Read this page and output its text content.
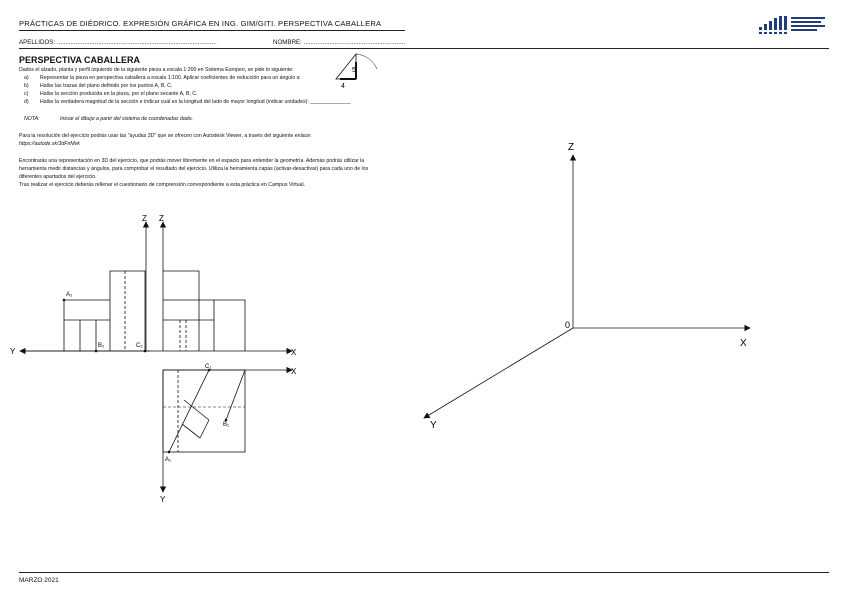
PRÁCTICAS DE DIÉDRICO. EXPRESIÓN GRÁFICA EN ING. GIM/GITI. PERSPECTIVA CABALLERA
APELLIDOS: .............................................................................................	NOMBRE: ...........................................................
PERSPECTIVA CABALLERA
Dados el alzado, planta y perfil izquierdo de la siguiente pieza a escala 1:200 en Sistema Europeo, se pide lo siguiente:
a) Representar la pieza en perspectiva caballera a escala 1:100. Aplicar coeficientes de reducción para un ángulo α
b) Hallar las trazas del plano definido por los puntos A, B, C.
c) Hallar la sección producida en la pieza, por el plano secante A, B, C.
d) Hallar la verdadera magnitud de la sección e indicar cuál es la longitud del lado de mayor longitud (indicar unidades): ______________
NOTA:	Iniciar el dibujo a partir del sistema de coordenadas dado.
Para la resolución del ejercicio podrás usar las "ayudas 3D" que se ofrecen con Autodesk Viewer, a través del siguiente enlace:
https://autode.sk/3dFnMvk
Encontrarás una representación en 3D del ejercicio, que podrás mover libremente en el espacio para entender la geometría. Además podrás utilizar la
herramienta medir distancias y ángulos, para comprobar el resultado del ejercicio. Utiliza la herramienta capas (activar-desactivar) para cada uno de los
diferentes apartados del ejercicio.
Tras realizar el ejercicio deberás rellenar el cuestionario de comprensión correspondiente a esta práctica en Campus Virtual.
5
4
Z Z
Y	X
X
Y
A₂
B₂	C₂
C₁
B₁
A₁
Z
X
Y
0
MARZO 2021
